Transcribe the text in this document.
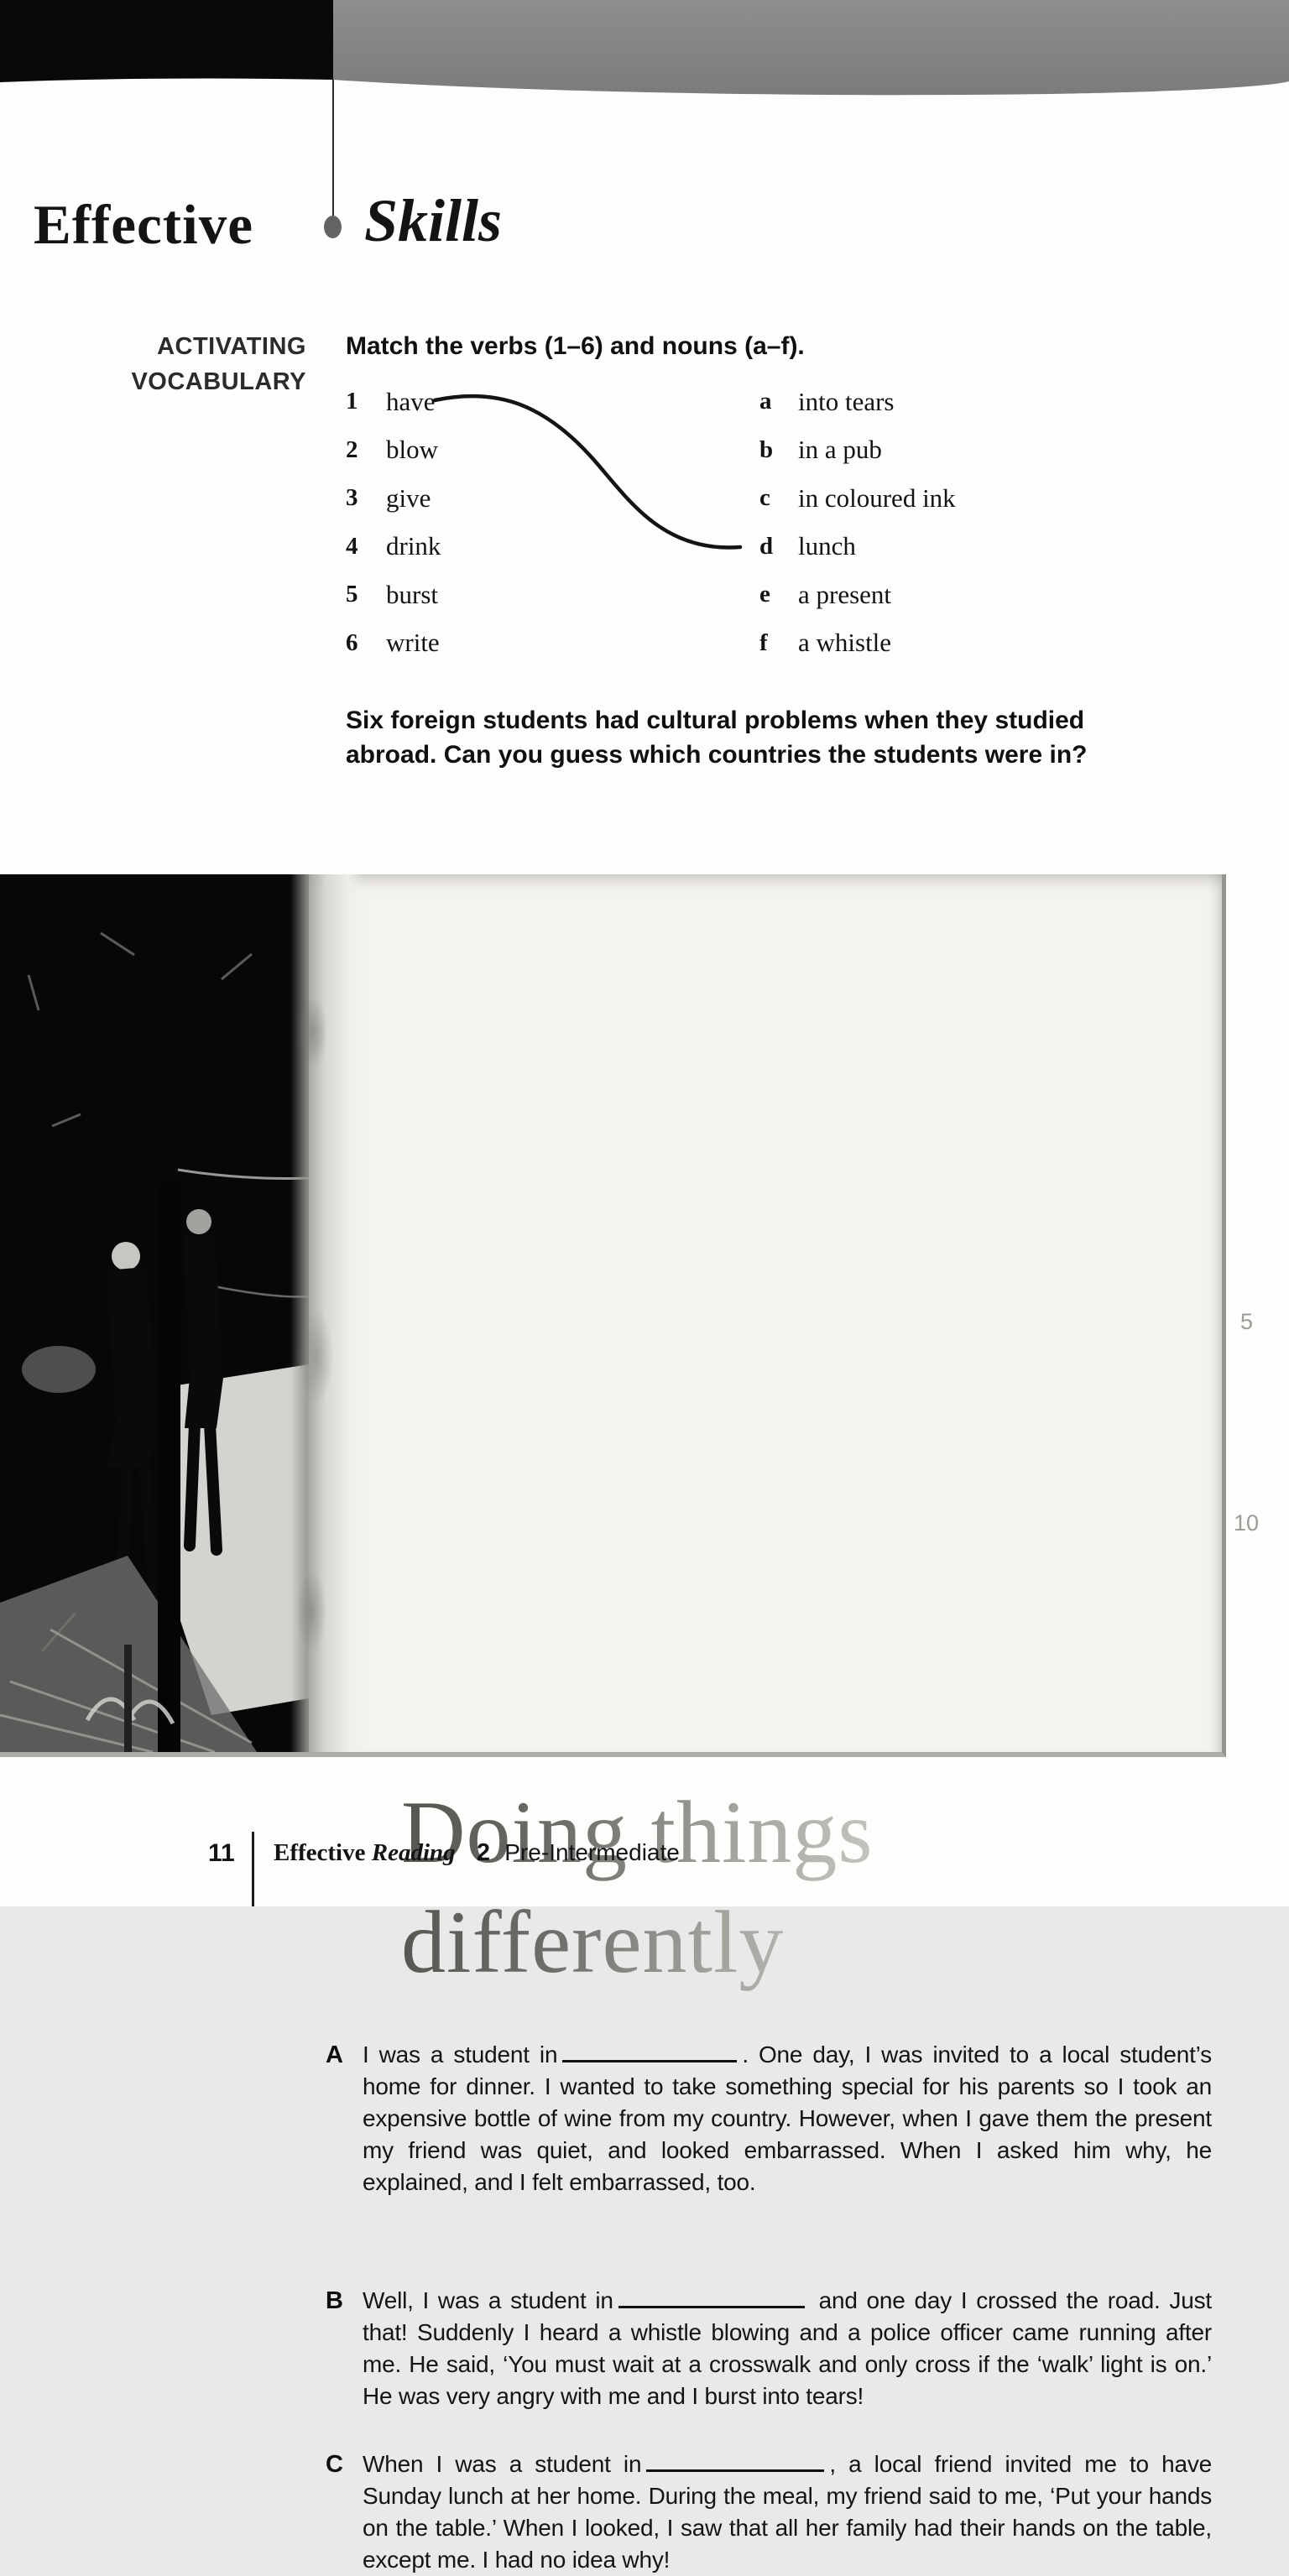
Effective Skills
ACTIVATING
VOCABULARY
Match the verbs (1–6) and nouns (a–f).
1	have	a	into tears
2	blow	b in a pub
3	give	c	in coloured ink
4	drink	d lunch
5	burst	e	a present
6	write	f	a whistle
Six foreign students had cultural problems when they studied
abroad. Can you guess which countries the students were in?
Doing things
differently
A I was a student in	. One day, I was invited to a local student’s home for dinner. I wanted to take something special for his parents so I took an expensive bottle of wine from my country. However, when I gave them the present my friend was quiet, and looked embarrassed. When I asked him why, he explained, and I felt embarrassed, too.
B Well, I was a student in	and one day I crossed the road. Just that! Suddenly I heard a whistle blowing and a police officer came running after me. He said, ‘You must wait at a crosswalk and only cross if the ‘walk’ light is on.’ He was very angry with me and I burst into tears!
C When I was a student in	, a local friend invited me to have Sunday lunch at her home. During the meal, my friend said to me, ‘Put your hands on the table.’ When I looked, I saw that all her family had their hands on the table, except me. I had no idea why!
5
10
11 Effective Reading 2 Pre-Intermediate
